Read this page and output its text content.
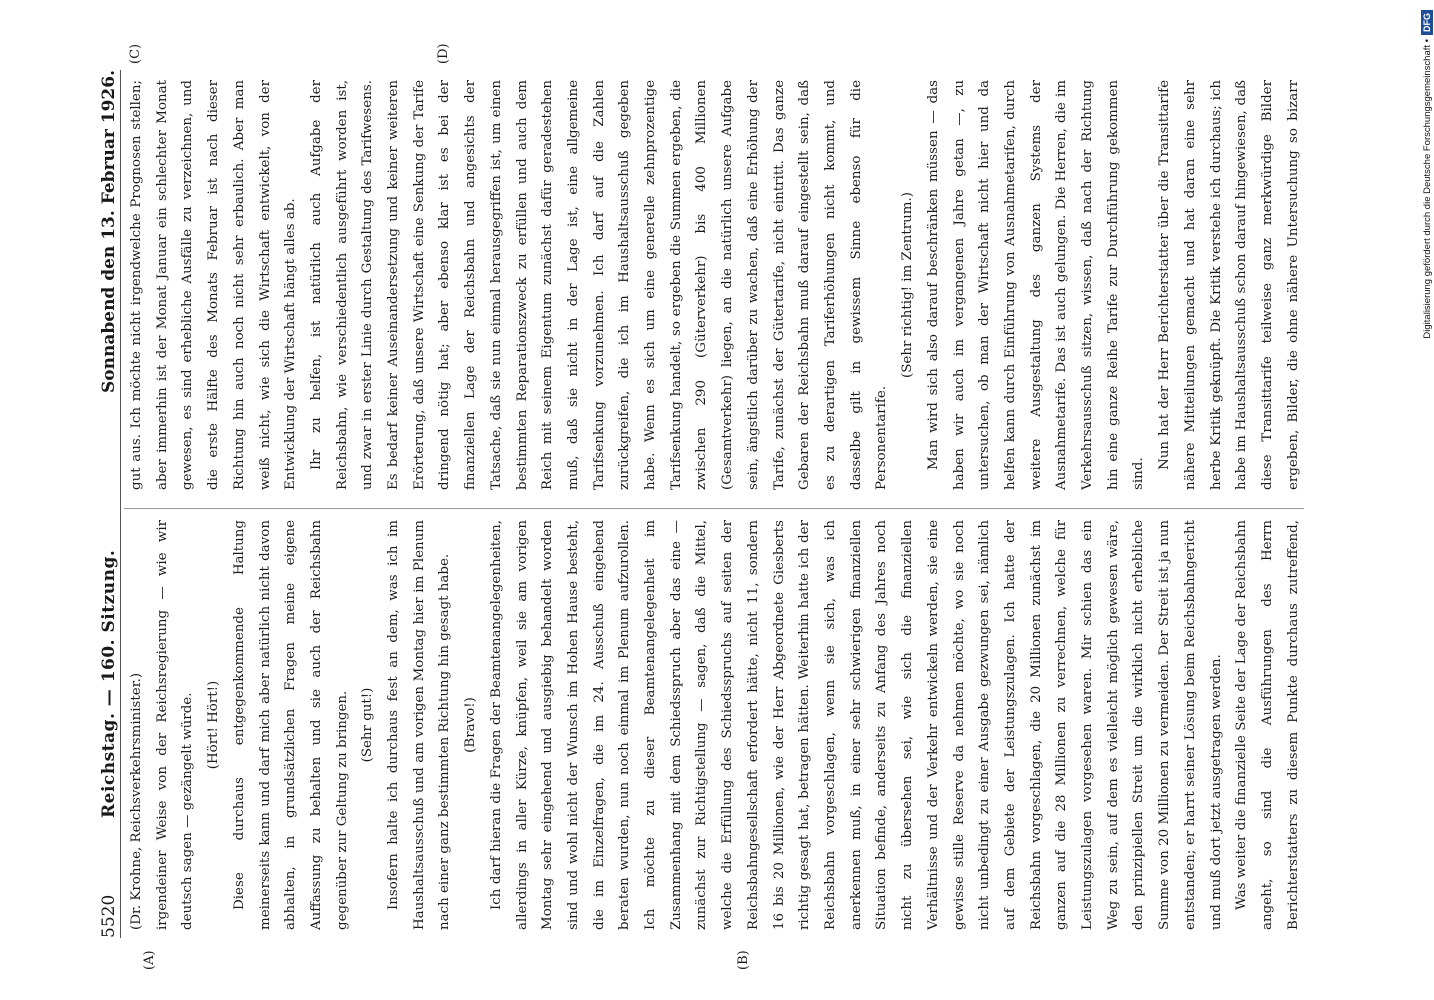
5520
Reichstag. — 160. Sitzung.
Sonnabend den 13. Februar 1926.
(A)	(B)

(Dr. Krohne, Reichsverkehrsminister.) irgendeiner Weise von der Reichsregierung — wie wir deutsch sagen — gezängelt würde. (Hört! Hört!) Diese durchaus entgegenkommende Haltung meinerseits kann und darf mich aber natürlich nicht davon abhalten, in grundsätzlichen Fragen meine eigene Auffassung zu behalten und sie auch der Reichsbahn gegenüber zur Geltung zu bringen. (Sehr gut!) Insofern halte ich durchaus fest an dem, was ich im Haushaltsausschuß und am vorigen Montag hier im Plenum nach einer ganz bestimmten Richtung hin gesagt habe. (Bravo!) Ich darf hieran die Fragen der Beamtenangelegenheiten, allerdings in aller Kürze, knüpfen, weil sie am vorigen Montag sehr eingehend und ausgiebig behandelt worden sind und wohl nicht der Wunsch im Hohen Hause besteht, die im Einzelfragen, die im 24. Ausschuß eingehend beraten wurden, nun noch einmal im Plenum aufzurollen. Ich möchte zu dieser Beamtenangelegenheit im Zusammenhang mit dem Schiedsspruch aber das eine — zunächst zur Richtigstellung — sagen, daß die Mittel, welche die Erfüllung des Schiedsspruchs auf seiten der Reichsbahngesellschaft erfordert hätte, nicht 11, sondern 16 bis 20 Millionen, wie der Herr Abgeordnete Giesberts richtig gesagt hat, betragen hätten. Weiterhin hatte ich der Reichsbahn vorgeschlagen, wenn sie sich, was ich anerkennen muß, in einer sehr schwierigen finanziellen Situation befinde, anderseits zu Anfang des Jahres noch nicht zu übersehen sei, wie sich die finanziellen Verhältnisse und der Verkehr entwickeln werden, sie eine gewisse stille Reserve da nehmen möchte, wo sie noch nicht unbedingt zu einer Ausgabe gezwungen sei, nämlich auf dem Gebiete der Leistungszulagen. Ich hatte der Reichsbahn vorgeschlagen, die 20 Millionen zunächst im ganzen auf die 28 Millionen zu verrechnen, welche für Leistungszulagen vorgesehen waren. Mir schien das ein Weg zu sein, auf dem es vielleicht möglich gewesen wäre, den prinzipiellen Streit um die wirklich nicht erhebliche Summe von 20 Millionen zu vermeiden. Der Streit ist ja nun entstanden; er harrt seiner Lösung beim Reichsbahngericht und muß dort jetzt ausgetragen werden. Was weiter die finanzielle Seite der Lage der Reichsbahn angeht, so sind die Ausführungen des Herrn Berichterstatters zu diesem Punkte durchaus zutreffend,

gut aus. Ich möchte nicht irgendwelche Prognosen stellen; aber immerhin ist der Monat Januar ein schlechter Monat gewesen, es sind erhebliche Ausfälle zu verzeichnen, und die erste Hälfte des Monats Februar ist nach dieser Richtung hin auch noch nicht sehr erbaulich. Aber man weiß nicht, wie sich die Wirtschaft entwickelt, von der Entwicklung der Wirtschaft hängt alles ab. Ihr zu helfen, ist natürlich auch Aufgabe der Reichsbahn, wie verschiedentlich ausgeführt worden ist, und zwar in erster Linie durch Gestaltung des Tarifwesens. Es bedarf keiner Auseinandersetzung und keiner weiteren Erörterung, daß unsere Wirtschaft eine Senkung der Tarife dringend nötig hat; aber ebenso klar ist es bei der finanziellen Lage der Reichsbahn und angesichts der Tatsache, daß sie nun einmal herausgegriffen ist, um einen bestimmten Reparationszweck zu erfüllen und auch dem Reich mit seinem Eigentum zunächst dafür geradestehen muß, daß sie nicht in der Lage ist, eine allgemeine Tarifsenkung vorzunehmen. Ich darf auf die Zahlen zurückgreifen, die ich im Haushaltsausschuß gegeben habe. Wenn es sich um eine generelle zehnprozentige Tarifsenkung handelt, so ergeben die Summen ergeben, die zwischen 290 (Güterverkehr) bis 400 Millionen (Gesamtverkehr) liegen, an die natürlich unsere Aufgabe sein, ängstlich darüber zu wachen, daß eine Erhöhung der Tarife, zunächst der Gütertarife, nicht eintritt. Das ganze Gebaren der Reichsbahn muß darauf eingestellt sein, daß es zu derartigen Tariferhöhungen nicht kommt, und dasselbe gilt in gewissem Sinne ebenso für die Personentarife.

(Sehr richtig! im Zentrum.) Man wird sich also darauf beschränken müssen — das haben wir auch im vergangenen Jahre getan —, zu untersuchen, ob man der Wirtschaft nicht hier und da helfen kann durch Einführung von Ausnahmetarifen, durch weitere Ausgestaltung des ganzen Systems der Ausnahmetarife. Das ist auch gelungen. Die Herren, die im Verkehrsausschuß sitzen, wissen, daß nach der Richtung hin eine ganze Reihe Tarife zur Durchführung gekommen sind.

Nun hat der Herr Berichterstatter über die Transittarife nähere Mitteilungen gemacht und hat daran eine sehr herbe Kritik geknüpft. Die Kritik verstehe ich durchaus; ich habe im Haushaltsausschuß schon darauf hingewiesen, daß diese Transittarife teilweise ganz merkwürdige Bilder ergeben, Bilder, die ohne nähere Untersuchung so bizarr

(C)	(D)	Digitalisierung gefördert durch die Deutsche Forschungsgemeinschaft •DFG
